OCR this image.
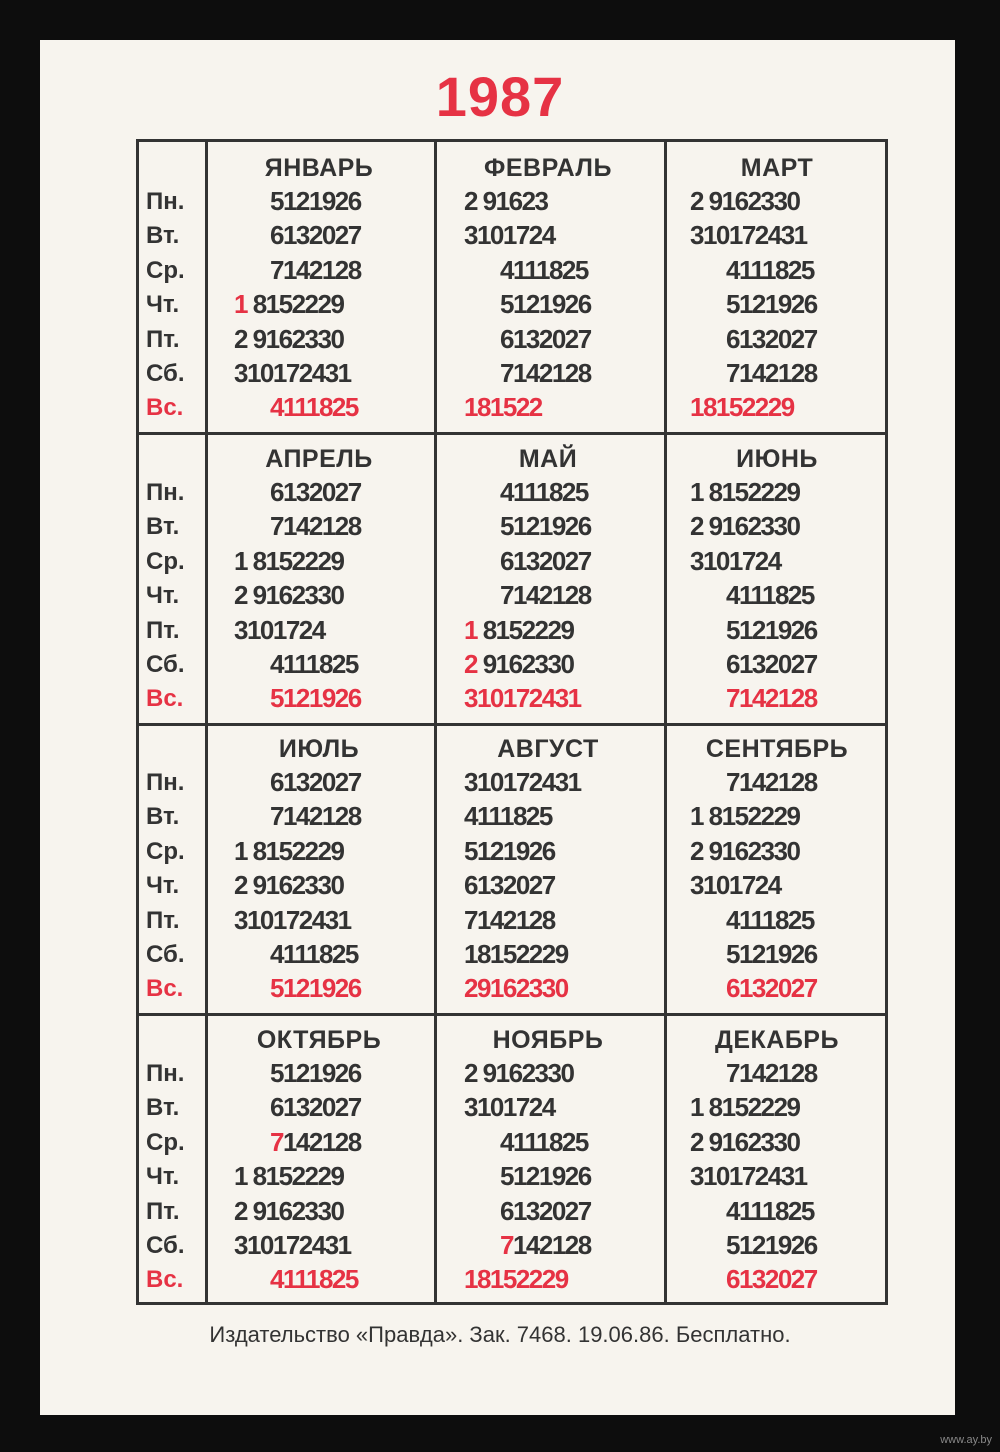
1987
Пн.
Вт.
Ср.
Чт.
Пт.
Сб.
Вс.
Пн.
Вт.
Ср.
Чт.
Пт.
Сб.
Вс.
Пн.
Вт.
Ср.
Чт.
Пт.
Сб.
Вс.
Пн.
Вт.
Ср.
Чт.
Пт.
Сб.
Вс.
ЯНВАРЬ
5121926
6132027
7142128
1 8152229
2 9162330
310172431
4111825
ФЕВРАЛЬ
2 91623
3101724
4111825
5121926
6132027
7142128
181522
МАРТ
2 9162330
310172431
4111825
5121926
6132027
7142128
18152229
АПРЕЛЬ
6132027
7142128
1 8152229
2 9162330
3101724
4111825
5121926
МАЙ
4111825
5121926
6132027
7142128
1 8152229
2 9162330
310172431
ИЮНЬ
1 8152229
2 9162330
3101724
4111825
5121926
6132027
7142128
ИЮЛЬ
6132027
7142128
1 8152229
2 9162330
310172431
4111825
5121926
АВГУСТ
310172431
4111825
5121926
6132027
7142128
18152229
29162330
СЕНТЯБРЬ
7142128
1 8152229
2 9162330
3101724
4111825
5121926
6132027
ОКТЯБРЬ
5121926
6132027
7142128
1 8152229
2 9162330
310172431
4111825
НОЯБРЬ
2 9162330
3101724
4111825
5121926
6132027
7142128
18152229
ДЕКАБРЬ
7142128
1 8152229
2 9162330
310172431
4111825
5121926
6132027
Издательство «Правда». Зак. 7468. 19.06.86. Бесплатно.
www.ay.by
